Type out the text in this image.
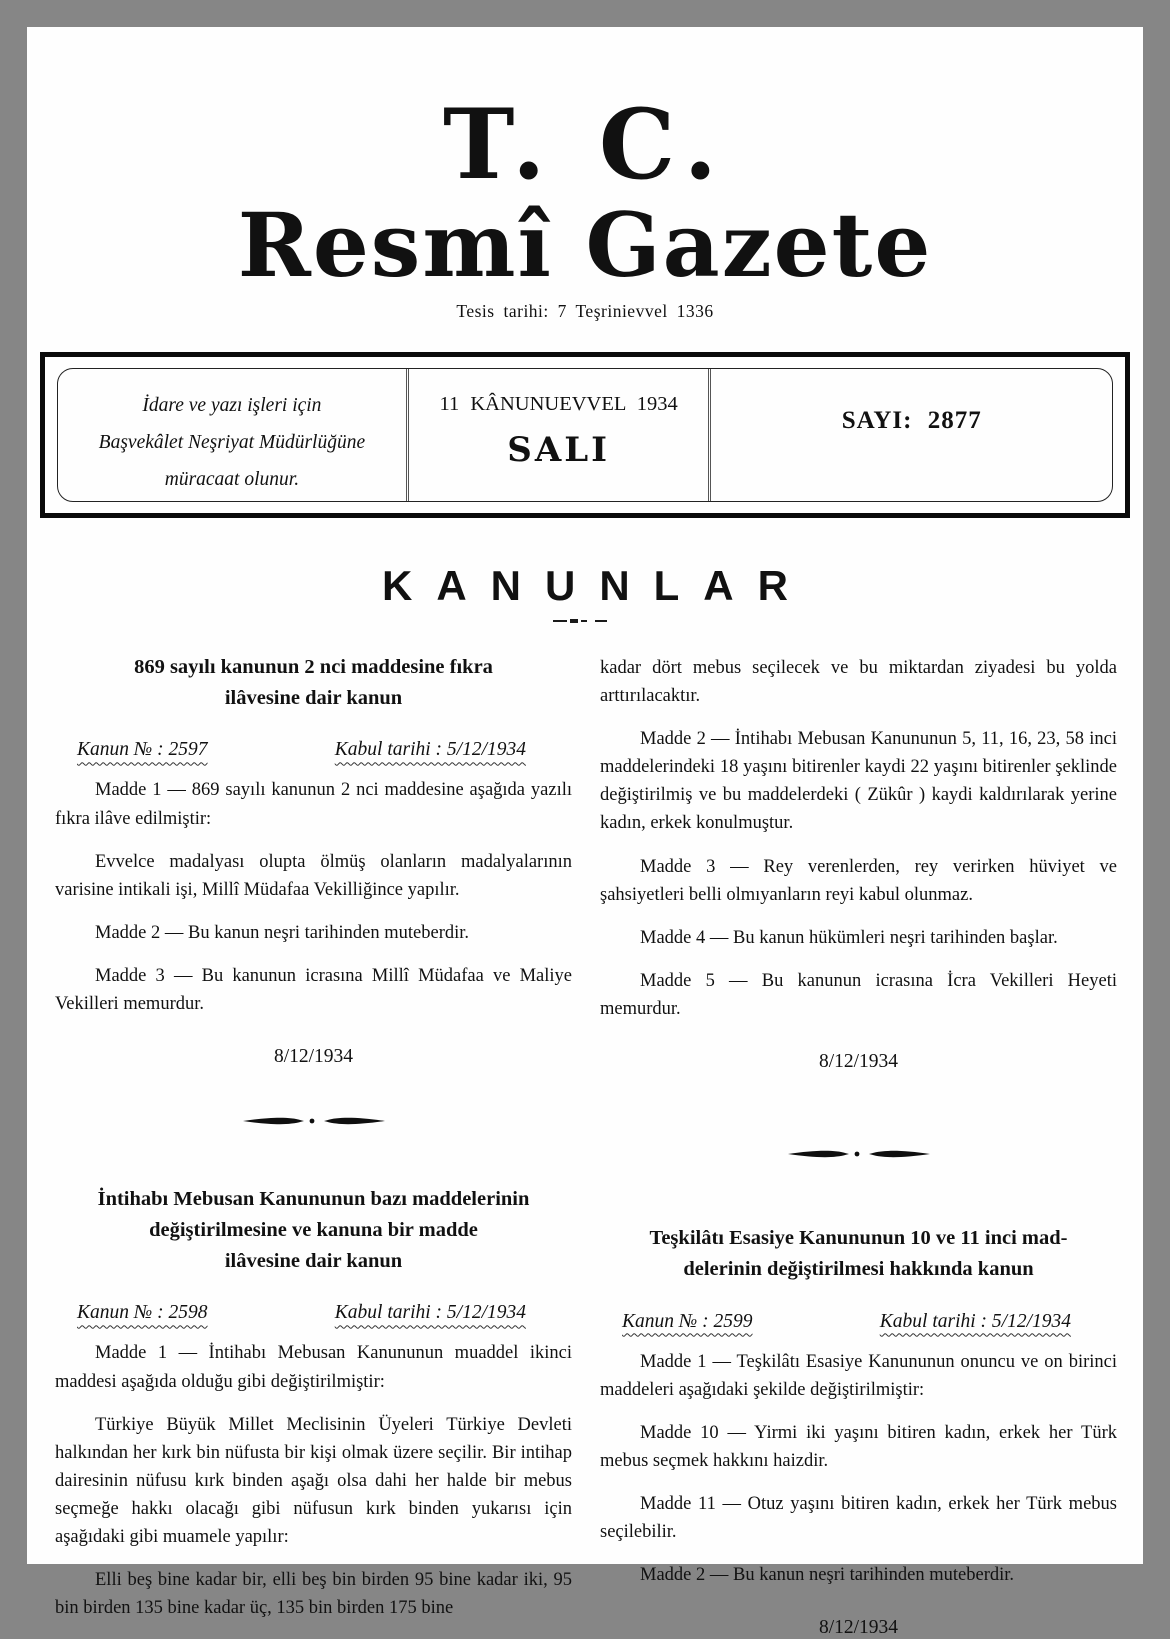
T. C.
Resmî Gazete
Tesis tarihi: 7 Teşrinievvel 1336
İdare ve yazı işleri için
Başvekâlet Neşriyat Müdürlüğüne
müracaat olunur.
11 KÂNUNUEVVEL 1934
SALI
SAYI: 2877
KANUNLAR
869 sayılı kanunun 2 nci maddesine fıkra
ilâvesine dair kanun
Kanun № : 2597	Kabul tarihi : 5/12/1934

Madde 1 — 869 sayılı kanunun 2 nci maddesine aşağıda yazılı fıkra ilâve edilmiştir:

Evvelce madalyası olupta ölmüş olanların madalyalarının varisine intikali işi, Millî Müdafaa Vekilliğince yapılır.

Madde 2 — Bu kanun neşri tarihinden muteberdir.

Madde 3 — Bu kanunun icrasına Millî Müdafaa ve Maliye Vekilleri memurdur.

8/12/1934
İntihabı Mebusan Kanununun bazı maddelerinin
değiştirilmesine ve kanuna bir madde
ilâvesine dair kanun
Kanun № : 2598	Kabul tarihi : 5/12/1934

Madde 1 — İntihabı Mebusan Kanununun muaddel ikinci maddesi aşağıda olduğu gibi değiştirilmiştir:

Türkiye Büyük Millet Meclisinin Üyeleri Türkiye Devleti halkından her kırk bin nüfusta bir kişi olmak üzere seçilir. Bir intihap dairesinin nüfusu kırk binden aşağı olsa dahi her halde bir mebus seçmeğe hakkı olacağı gibi nüfusun kırk binden yukarısı için aşağıdaki gibi muamele yapılır:

Elli beş bine kadar bir, elli beş bin birden 95 bine kadar iki, 95 bin birden 135 bine kadar üç, 135 bin birden 175 bine

kadar dört mebus seçilecek ve bu miktardan ziyadesi bu yolda arttırılacaktır.

Madde 2 — İntihabı Mebusan Kanununun 5, 11, 16, 23, 58 inci maddelerindeki 18 yaşını bitirenler kaydi 22 yaşını bitirenler şeklinde değiştirilmiş ve bu maddelerdeki ( Zükûr ) kaydi kaldırılarak yerine kadın, erkek konulmuştur.

Madde 3 — Rey verenlerden, rey verirken hüviyet ve şahsiyetleri belli olmıyanların reyi kabul olunmaz.

Madde 4 — Bu kanun hükümleri neşri tarihinden başlar.

Madde 5 — Bu kanunun icrasına İcra Vekilleri Heyeti memurdur.

8/12/1934
Teşkilâtı Esasiye Kanununun 10 ve 11 inci mad-
delerinin değiştirilmesi hakkında kanun
Kanun № : 2599	Kabul tarihi : 5/12/1934

Madde 1 — Teşkilâtı Esasiye Kanununun onuncu ve on birinci maddeleri aşağıdaki şekilde değiştirilmiştir:

Madde 10 — Yirmi iki yaşını bitiren kadın, erkek her Türk mebus seçmek hakkını haizdir.

Madde 11 — Otuz yaşını bitiren kadın, erkek her Türk mebus seçilebilir.

Madde 2 — Bu kanun neşri tarihinden muteberdir.

8/12/1934
